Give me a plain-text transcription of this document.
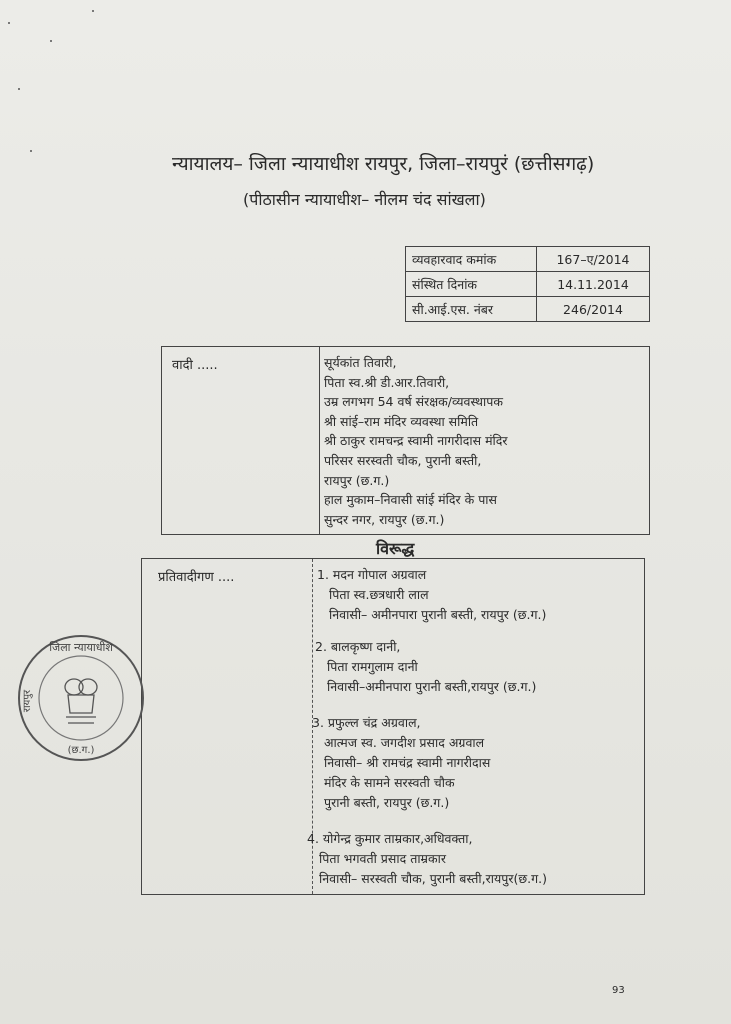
न्यायालय– जिला न्यायाधीश रायपुर, जिला–रायपुरं (छत्तीसगढ़)
(पीठासीन न्यायाधीश– नीलम चंद सांखला)
व्यवहारवाद कमांक	167–ए/2014
संस्थित दिनांक	14.11.2014
सी.आई.एस. नंबर	246/2014
वादी .....	सूर्यकांत तिवारी,
पिता स्व.श्री डी.आर.तिवारी,
उम्र लगभग 54 वर्ष संरक्षक/व्यवस्थापक
श्री सांई–राम मंदिर व्यवस्था समिति
श्री ठाकुर रामचन्द्र स्वामी नागरीदास मंदिर
परिसर सरस्वती चौक, पुरानी बस्ती,
रायपुर (छ.ग.)
हाल मुकाम–निवासी सांई मंदिर के पास
सुन्दर नगर, रायपुर (छ.ग.)
विरूद्ध
प्रतिवादीगण ....	1. मदन गोपाल अग्रवाल
पिता स्व.छत्रधारी लाल
निवासी– अमीनपारा पुरानी बस्ती, रायपुर (छ.ग.)
2. बालकृष्ण दानी,
पिता रामगुलाम दानी
निवासी–अमीनपारा पुरानी बस्ती,रायपुर (छ.ग.)
3. प्रफुल्ल चंद्र अग्रवाल,
आत्मज स्व. जगदीश प्रसाद अग्रवाल
निवासी– श्री रामचंद्र स्वामी नागरीदास
मंदिर के सामने सरस्वती चौक
पुरानी बस्ती, रायपुर (छ.ग.)
4. योगेन्द्र कुमार ताम्रकार,अधिवक्ता,
पिता भगवती प्रसाद ताम्रकार
निवासी– सरस्वती चौक, पुरानी बस्ती,रायपुर(छ.ग.)
जिला न्यायाधीश
रायपुर
(छ.ग.)
93
